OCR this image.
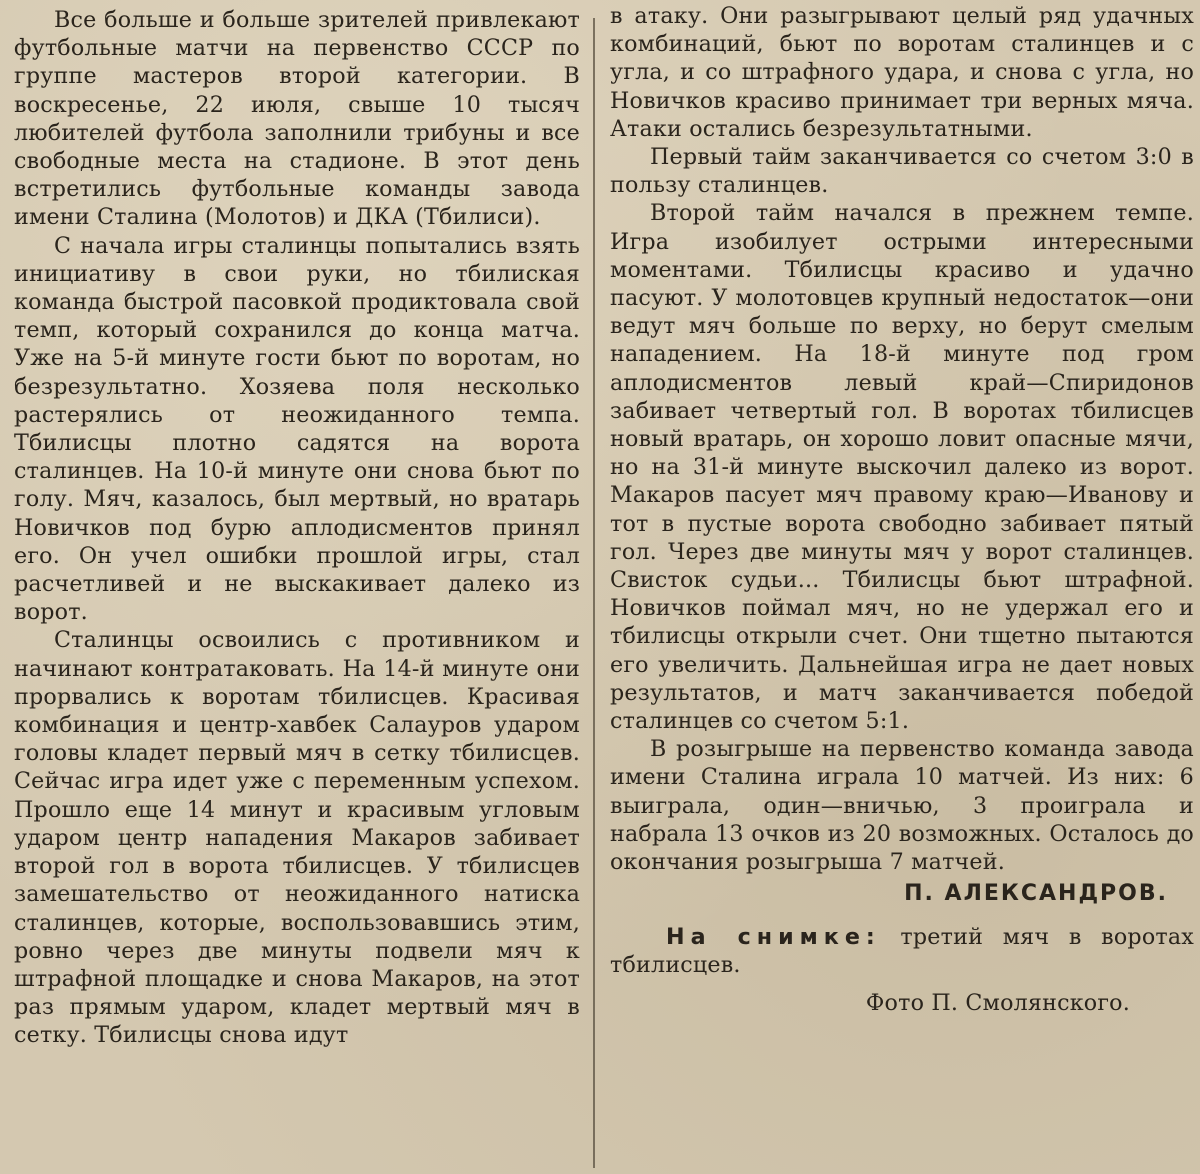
Все больше и больше зрителей привлекают футбольные матчи на первенство СССР по группе мастеров второй категории. В воскресенье, 22 июля, свыше 10 тысяч любителей футбола заполнили трибуны и все свободные места на стадионе. В этот день встретились футбольные команды завода имени Сталина (Молотов) и ДКА (Тбилиси).

С начала игры сталинцы попытались взять инициативу в свои руки, но тбилиская команда быстрой пасовкой продиктовала свой темп, который сохранился до конца матча. Уже на 5-й минуте гости бьют по воротам, но безрезультатно. Хозяева поля несколько растерялись от неожиданного темпа. Тбилисцы плотно садятся на ворота сталинцев. На 10-й минуте они снова бьют по голу. Мяч, казалось, был мертвый, но вратарь Новичков под бурю аплодисментов принял его. Он учел ошибки прошлой игры, стал расчетливей и не выскакивает далеко из ворот.

Сталинцы освоились с противником и начинают контратаковать. На 14-й минуте они прорвались к воротам тбилисцев. Красивая комбинация и центр-хавбек Салауров ударом головы кладет первый мяч в сетку тбилисцев. Сейчас игра идет уже с переменным успехом. Прошло еще 14 минут и красивым угловым ударом центр нападения Макаров забивает второй гол в ворота тбилисцев. У тбилисцев замешательство от неожиданного натиска сталинцев, которые, воспользовавшись этим, ровно через две минуты подвели мяч к штрафной площадке и снова Макаров, на этот раз прямым ударом, кладет мертвый мяч в сетку. Тбилисцы снова идут

в атаку. Они разыгрывают целый ряд удачных комбинаций, бьют по воротам сталинцев и с угла, и со штрафного удара, и снова с угла, но Новичков красиво принимает три верных мяча. Атаки остались безрезультатными.

Первый тайм заканчивается со счетом 3:0 в пользу сталинцев.

Второй тайм начался в прежнем темпе. Игра изобилует острыми интересными моментами. Тбилисцы красиво и удачно пасуют. У молотовцев крупный недостаток—они ведут мяч больше по верху, но берут смелым нападением. На 18-й минуте под гром аплодисментов левый край—Спиридонов забивает четвертый гол. В воротах тбилисцев новый вратарь, он хорошо ловит опасные мячи, но на 31-й минуте выскочил далеко из ворот. Макаров пасует мяч правому краю—Иванову и тот в пустые ворота свободно забивает пятый гол. Через две минуты мяч у ворот сталинцев. Свисток судьи... Тбилисцы бьют штрафной. Новичков поймал мяч, но не удержал его и тбилисцы открыли счет. Они тщетно пытаются его увеличить. Дальнейшая игра не дает новых результатов, и матч заканчивается победой сталинцев со счетом 5:1.

В розыгрыше на первенство команда завода имени Сталина играла 10 матчей. Из них: 6 выиграла, один—вничью, 3 проиграла и набрала 13 очков из 20 возможных. Осталось до окончания розыгрыша 7 матчей.

П. АЛЕКСАНДРОВ.

На снимке: третий мяч в воротах тбилисцев.

Фото П. Смолянского.
